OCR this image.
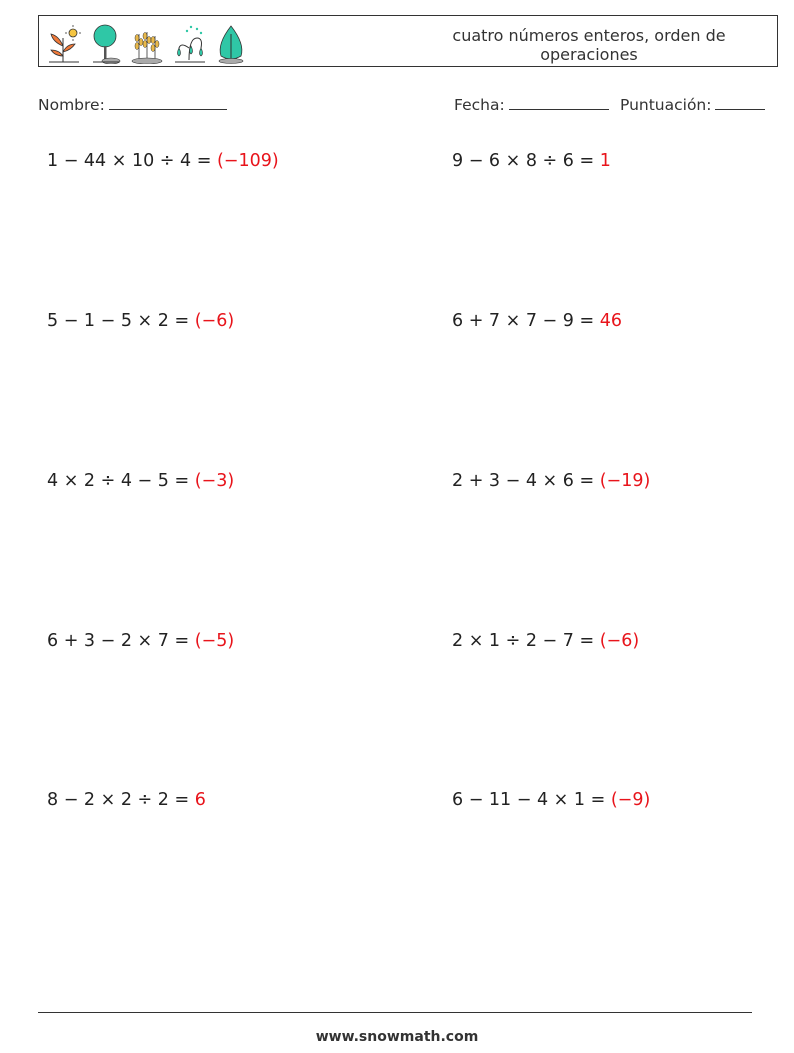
cuatro números enteros, orden de operaciones
Nombre:	Fecha:	Puntuación:
1 − 44 × 10 ÷ 4 = (−109)	9 − 6 × 8 ÷ 6 = 1
5 − 1 − 5 × 2 = (−6)	6 + 7 × 7 − 9 = 46
4 × 2 ÷ 4 − 5 = (−3)	2 + 3 − 4 × 6 = (−19)
6 + 3 − 2 × 7 = (−5)	2 × 1 ÷ 2 − 7 = (−6)
8 − 2 × 2 ÷ 2 = 6	6 − 11 − 4 × 1 = (−9)
www.snowmath.com
